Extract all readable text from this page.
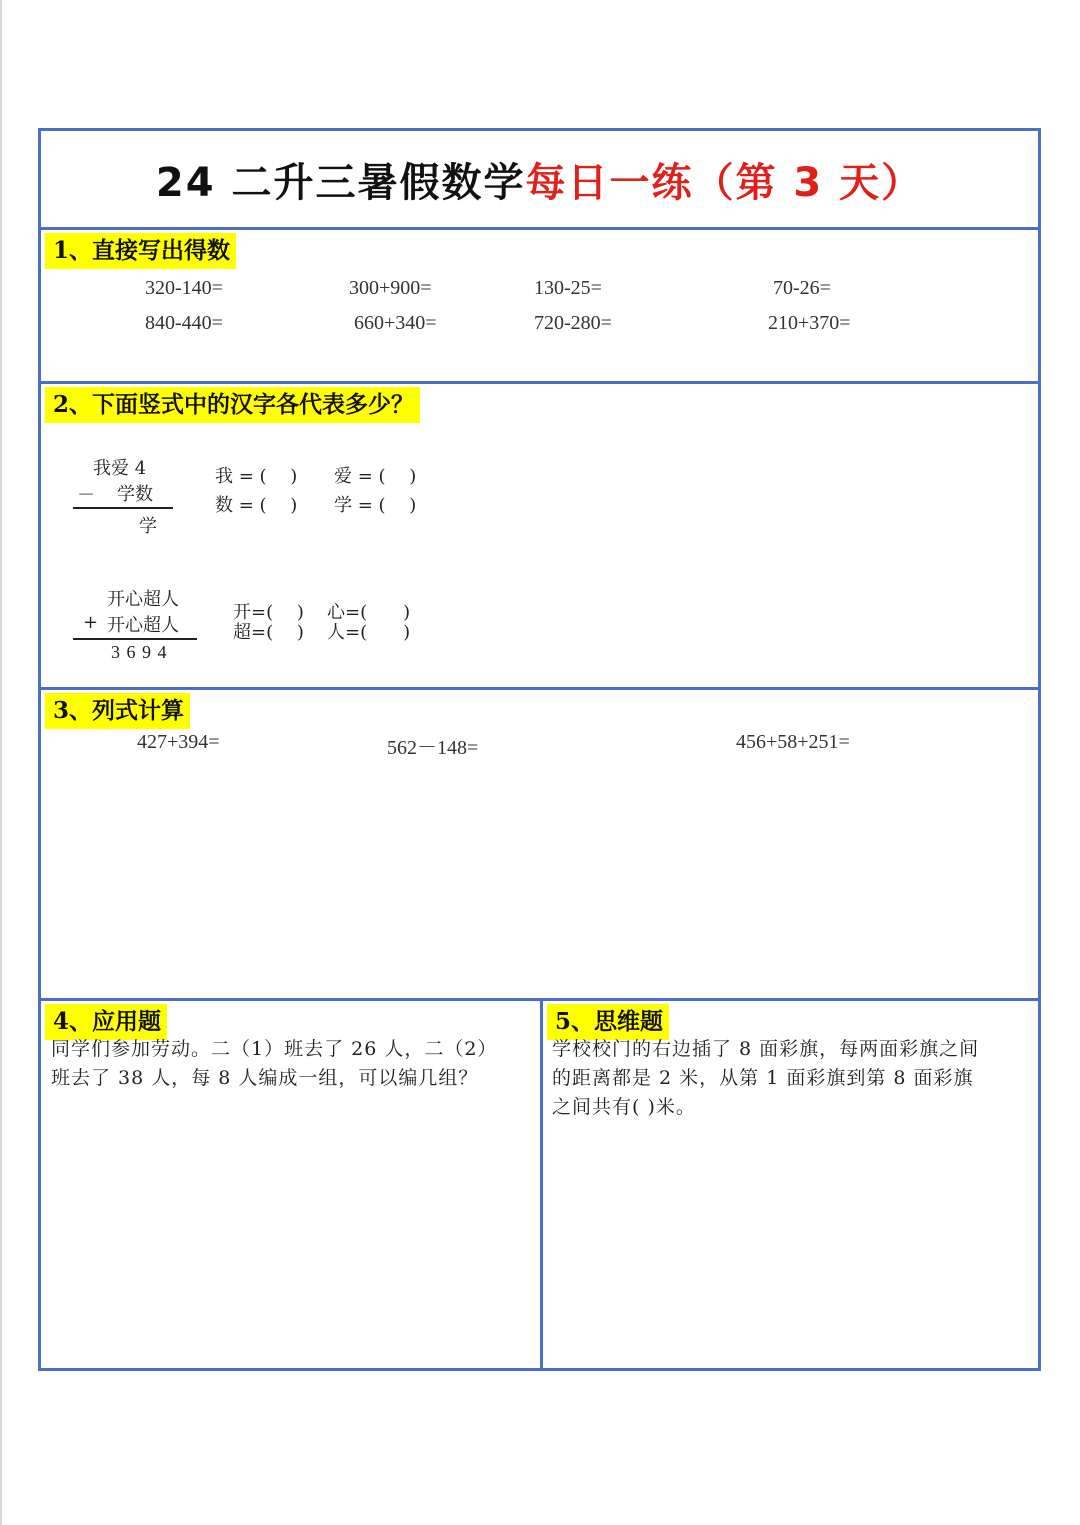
24 二升三暑假数学 每日一练（第 3 天）
1、直接写出得数
320-140=	300+900=	130-25=	70-26=
840-440=	660+340=	720-280=	210+370=
2、下面竖式中的汉字各代表多少？
我爱 4
－ 学数
学
我 = (　 ) 爱 = (　 )
数 = (　 ) 学 = (　 )
开心超人
+ 开心超人
3 6 9 4
开=(　 ) 心=(　　)
超=(　 ) 人=(　　)
3、列式计算
427+394=	562－148=	456+58+251=
4、应用题
同学们参加劳动。二（1）班去了 26 人，二（2）
班去了 38 人，每 8 人编成一组，可以编几组？
5、思维题
学校校门的右边插了 8 面彩旗，每两面彩旗之间
的距离都是 2 米，从第 1 面彩旗到第 8 面彩旗
之间共有( )米。
